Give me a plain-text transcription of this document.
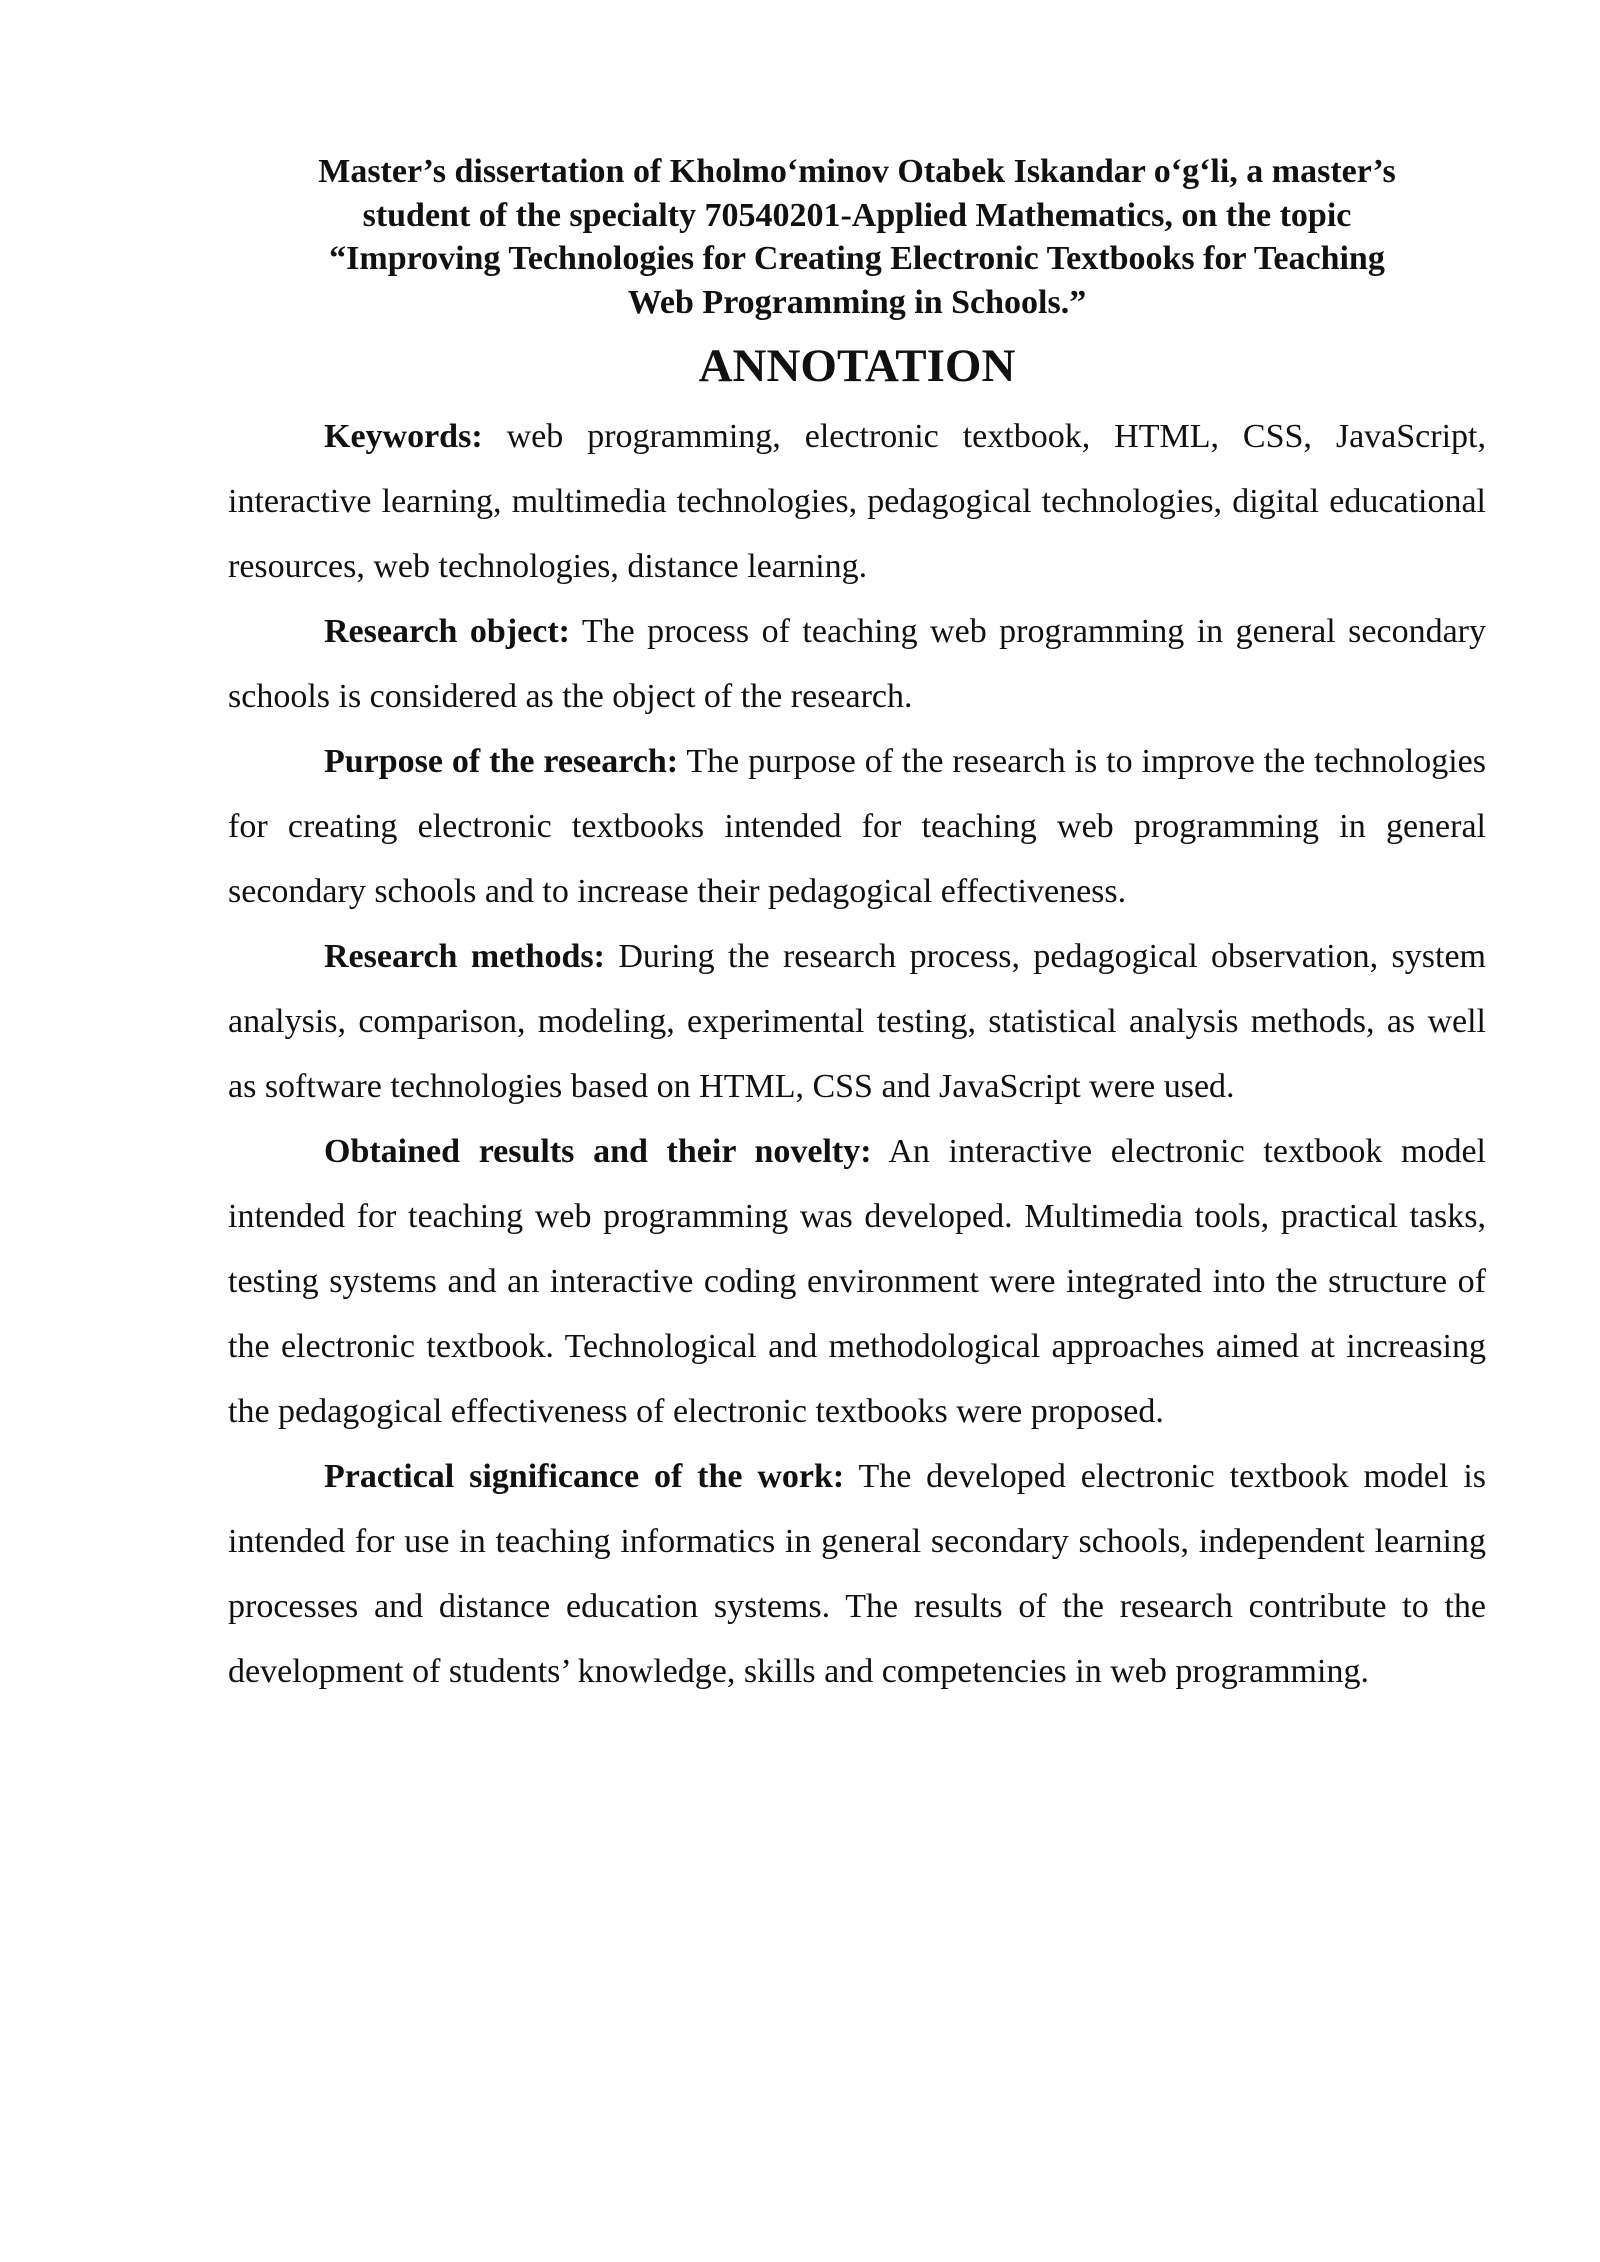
Master’s dissertation of Kholmo‘minov Otabek Iskandar o‘g‘li, a master’s
student of the specialty 70540201-Applied Mathematics, on the topic
“Improving Technologies for Creating Electronic Textbooks for Teaching
Web Programming in Schools.”

ANNOTATION

Keywords: web programming, electronic textbook, HTML, CSS, JavaScript, interactive learning, multimedia technologies, pedagogical technologies, digital educational resources, web technologies, distance learning.

Research object: The process of teaching web programming in general secondary schools is considered as the object of the research.

Purpose of the research: The purpose of the research is to improve the technologies for creating electronic textbooks intended for teaching web programming in general secondary schools and to increase their pedagogical effectiveness.

Research methods: During the research process, pedagogical observation, system analysis, comparison, modeling, experimental testing, statistical analysis methods, as well as software technologies based on HTML, CSS and JavaScript were used.

Obtained results and their novelty: An interactive electronic textbook model intended for teaching web programming was developed. Multimedia tools, practical tasks, testing systems and an interactive coding environment were integrated into the structure of the electronic textbook. Technological and methodological approaches aimed at increasing the pedagogical effectiveness of electronic textbooks were proposed.

Practical significance of the work: The developed electronic textbook model is intended for use in teaching informatics in general secondary schools, independent learning processes and distance education systems. The results of the research contribute to the development of students’ knowledge, skills and competencies in web programming.
